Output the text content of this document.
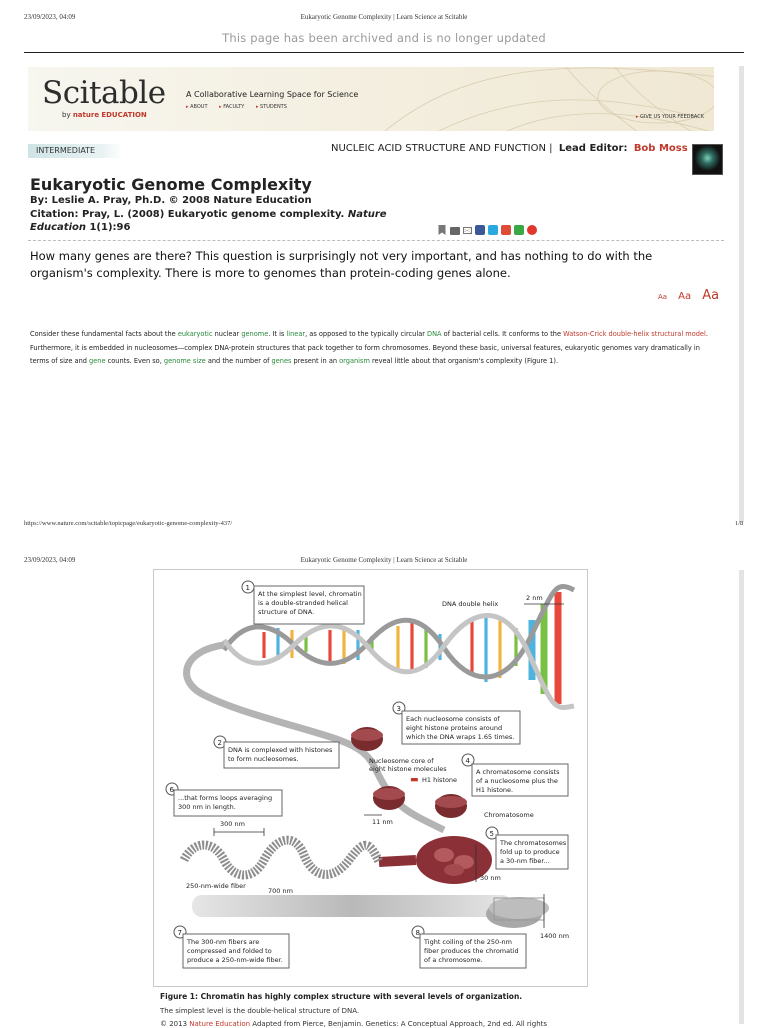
23/09/2023, 04:09	Eukaryotic Genome Complexity | Learn Science at Scitable
This page has been archived and is no longer updated
Scitable
by nature EDUCATION
A Collaborative Learning Space for Science
▸ ABOUT	▸ FACULTY	▸ STUDENTS
▸ GIVE US YOUR FEEDBACK
INTERMEDIATE	NUCLEIC ACID STRUCTURE AND FUNCTION | Lead Editor: Bob Moss
Eukaryotic Genome Complexity
By: Leslie A. Pray, Ph.D. © 2008 Nature Education
Citation: Pray, L. (2008) Eukaryotic genome complexity. Nature
Education 1(1):96
How many genes are there? This question is surprisingly not very important, and has nothing to do with the organism's complexity. There is more to genomes than protein-coding genes alone.
Aa Aa Aa
Consider these fundamental facts about the eukaryotic nuclear genome. It is linear, as opposed to the typically circular DNA of bacterial cells. It conforms to the Watson-Crick double-helix structural model. Furthermore, it is embedded in nucleosomes—complex DNA-protein structures that pack together to form chromosomes. Beyond these basic, universal features, eukaryotic genomes vary dramatically in terms of size and gene counts. Even so, genome size and the number of genes present in an organism reveal little about that organism's complexity (Figure 1).
https://www.nature.com/scitable/topicpage/eukaryotic-genome-complexity-437/	1/8
23/09/2023, 04:09	Eukaryotic Genome Complexity | Learn Science at Scitable
1
At the simplest level, chromatin
is a double-stranded helical
structure of DNA.
2
DNA is complexed with histones
to form nucleosomes.
3
Each nucleosome consists of
eight histone proteins around
which the DNA wraps 1.65 times.
4
A chromatosome consists
of a nucleosome plus the
H1 histone.
5
The chromatosomes
fold up to produce
a 30-nm fiber...
6
...that forms loops averaging
300 nm in length.
7
The 300-nm fibers are
compressed and folded to
produce a 250-nm-wide fiber.
8
Tight coiling of the 250-nm
fiber produces the chromatid
of a chromosome.
DNA double helix
2 nm
Nucleosome core of
eight histone molecules
▬ H1 histone
11 nm
Chromatosome
300 nm
30 nm
250-nm-wide fiber
700 nm
1400 nm
Figure 1: Chromatin has highly complex structure with several levels of organization.
The simplest level is the double-helical structure of DNA.
© 2013 Nature Education Adapted from Pierce, Benjamin. Genetics: A Conceptual Approach, 2nd ed. All rights
